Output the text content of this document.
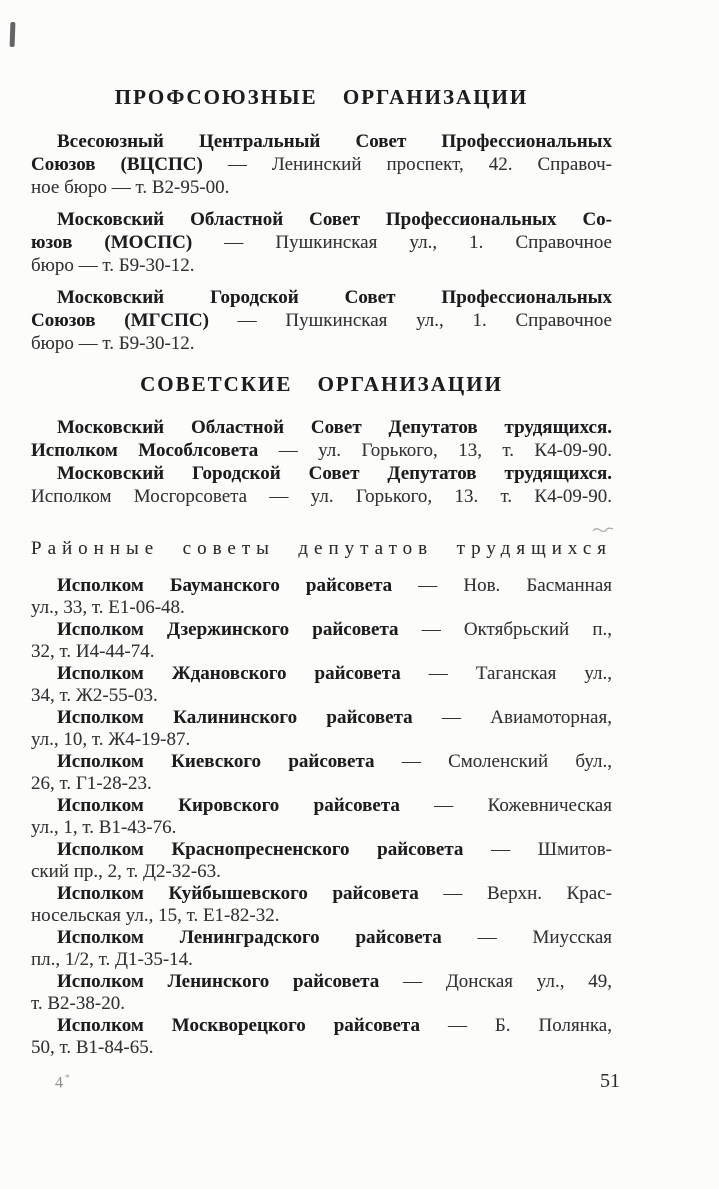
ПРОФСОЮЗНЫЕ ОРГАНИЗАЦИИ
Всесоюзный Центральный Совет Профессиональных
Союзов (ВЦСПС) — Ленинский проспект, 42. Справоч-
ное бюро — т. В2-95-00.
Московский Областной Совет Профессиональных Со-
юзов (МОСПС) — Пушкинская ул., 1. Справочное
бюро — т. Б9-30-12.
Московский Городской Совет Профессиональных
Союзов (МГСПС) — Пушкинская ул., 1. Справочное
бюро — т. Б9-30-12.
СОВЕТСКИЕ ОРГАНИЗАЦИИ
Московский Областной Совет Депутатов трудящихся.
Исполком Мособлсовета — ул. Горького, 13, т. К4-09-90.
Московский Городской Совет Депутатов трудящихся.
Исполком Мосгорсовета — ул. Горького, 13. т. К4-09-90.
Районные советы депутатов трудящихся
Исполком Бауманского райсовета — Нов. Басманная
ул., 33, т. Е1-06-48.
Исполком Дзержинского райсовета — Октябрьский п.,
32, т. И4-44-74.
Исполком Ждановского райсовета — Таганская ул.,
34, т. Ж2-55-03.
Исполком Калининского райсовета — Авиамоторная,
ул., 10, т. Ж4-19-87.
Исполком Киевского райсовета — Смоленский бул.,
26, т. Г1-28-23.
Исполком Кировского райсовета — Кожевническая
ул., 1, т. В1-43-76.
Исполком Краснопресненского райсовета — Шмитов-
ский пр., 2, т. Д2-32-63.
Исполком Куйбышевского райсовета — Верхн. Крас-
носельская ул., 15, т. Е1-82-32.
Исполком Ленинградского райсовета — Миусская
пл., 1/2, т. Д1-35-14.
Исполком Ленинского райсовета — Донская ул., 49,
т. В2-38-20.
Исполком Москворецкого райсовета — Б. Полянка,
50, т. В1-84-65.
4*	51
